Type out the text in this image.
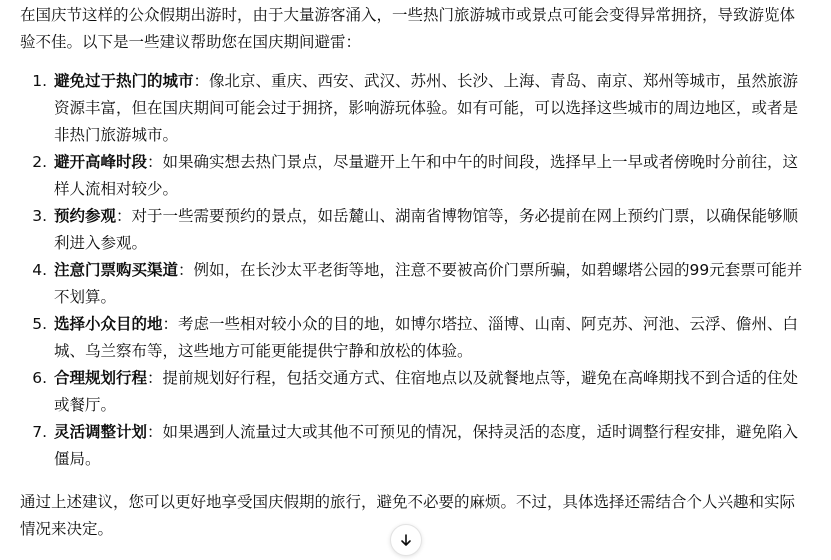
在国庆节这样的公众假期出游时，由于大量游客涌入，一些热门旅游城市或景点可能会变得异常拥挤，导致游览体验不佳。以下是一些建议帮助您在国庆期间避雷：

1. 避免过于热门的城市：像北京、重庆、西安、武汉、苏州、长沙、上海、青岛、南京、郑州等城市，虽然旅游资源丰富，但在国庆期间可能会过于拥挤，影响游玩体验。如有可能，可以选择这些城市的周边地区，或者是非热门旅游城市。
2. 避开高峰时段：如果确实想去热门景点，尽量避开上午和中午的时间段，选择早上一早或者傍晚时分前往，这样人流相对较少。
3. 预约参观：对于一些需要预约的景点，如岳麓山、湖南省博物馆等，务必提前在网上预约门票，以确保能够顺利进入参观。
4. 注意门票购买渠道：例如，在长沙太平老街等地，注意不要被高价门票所骗，如碧螺塔公园的99元套票可能并不划算。
5. 选择小众目的地：考虑一些相对较小众的目的地，如博尔塔拉、淄博、山南、阿克苏、河池、云浮、儋州、白城、乌兰察布等，这些地方可能更能提供宁静和放松的体验。
6. 合理规划行程：提前规划好行程，包括交通方式、住宿地点以及就餐地点等，避免在高峰期找不到合适的住处或餐厅。
7. 灵活调整计划：如果遇到人流量过大或其他不可预见的情况，保持灵活的态度，适时调整行程安排，避免陷入僵局。

通过上述建议，您可以更好地享受国庆假期的旅行，避免不必要的麻烦。不过，具体选择还需结合个人兴趣和实际情况来决定。
